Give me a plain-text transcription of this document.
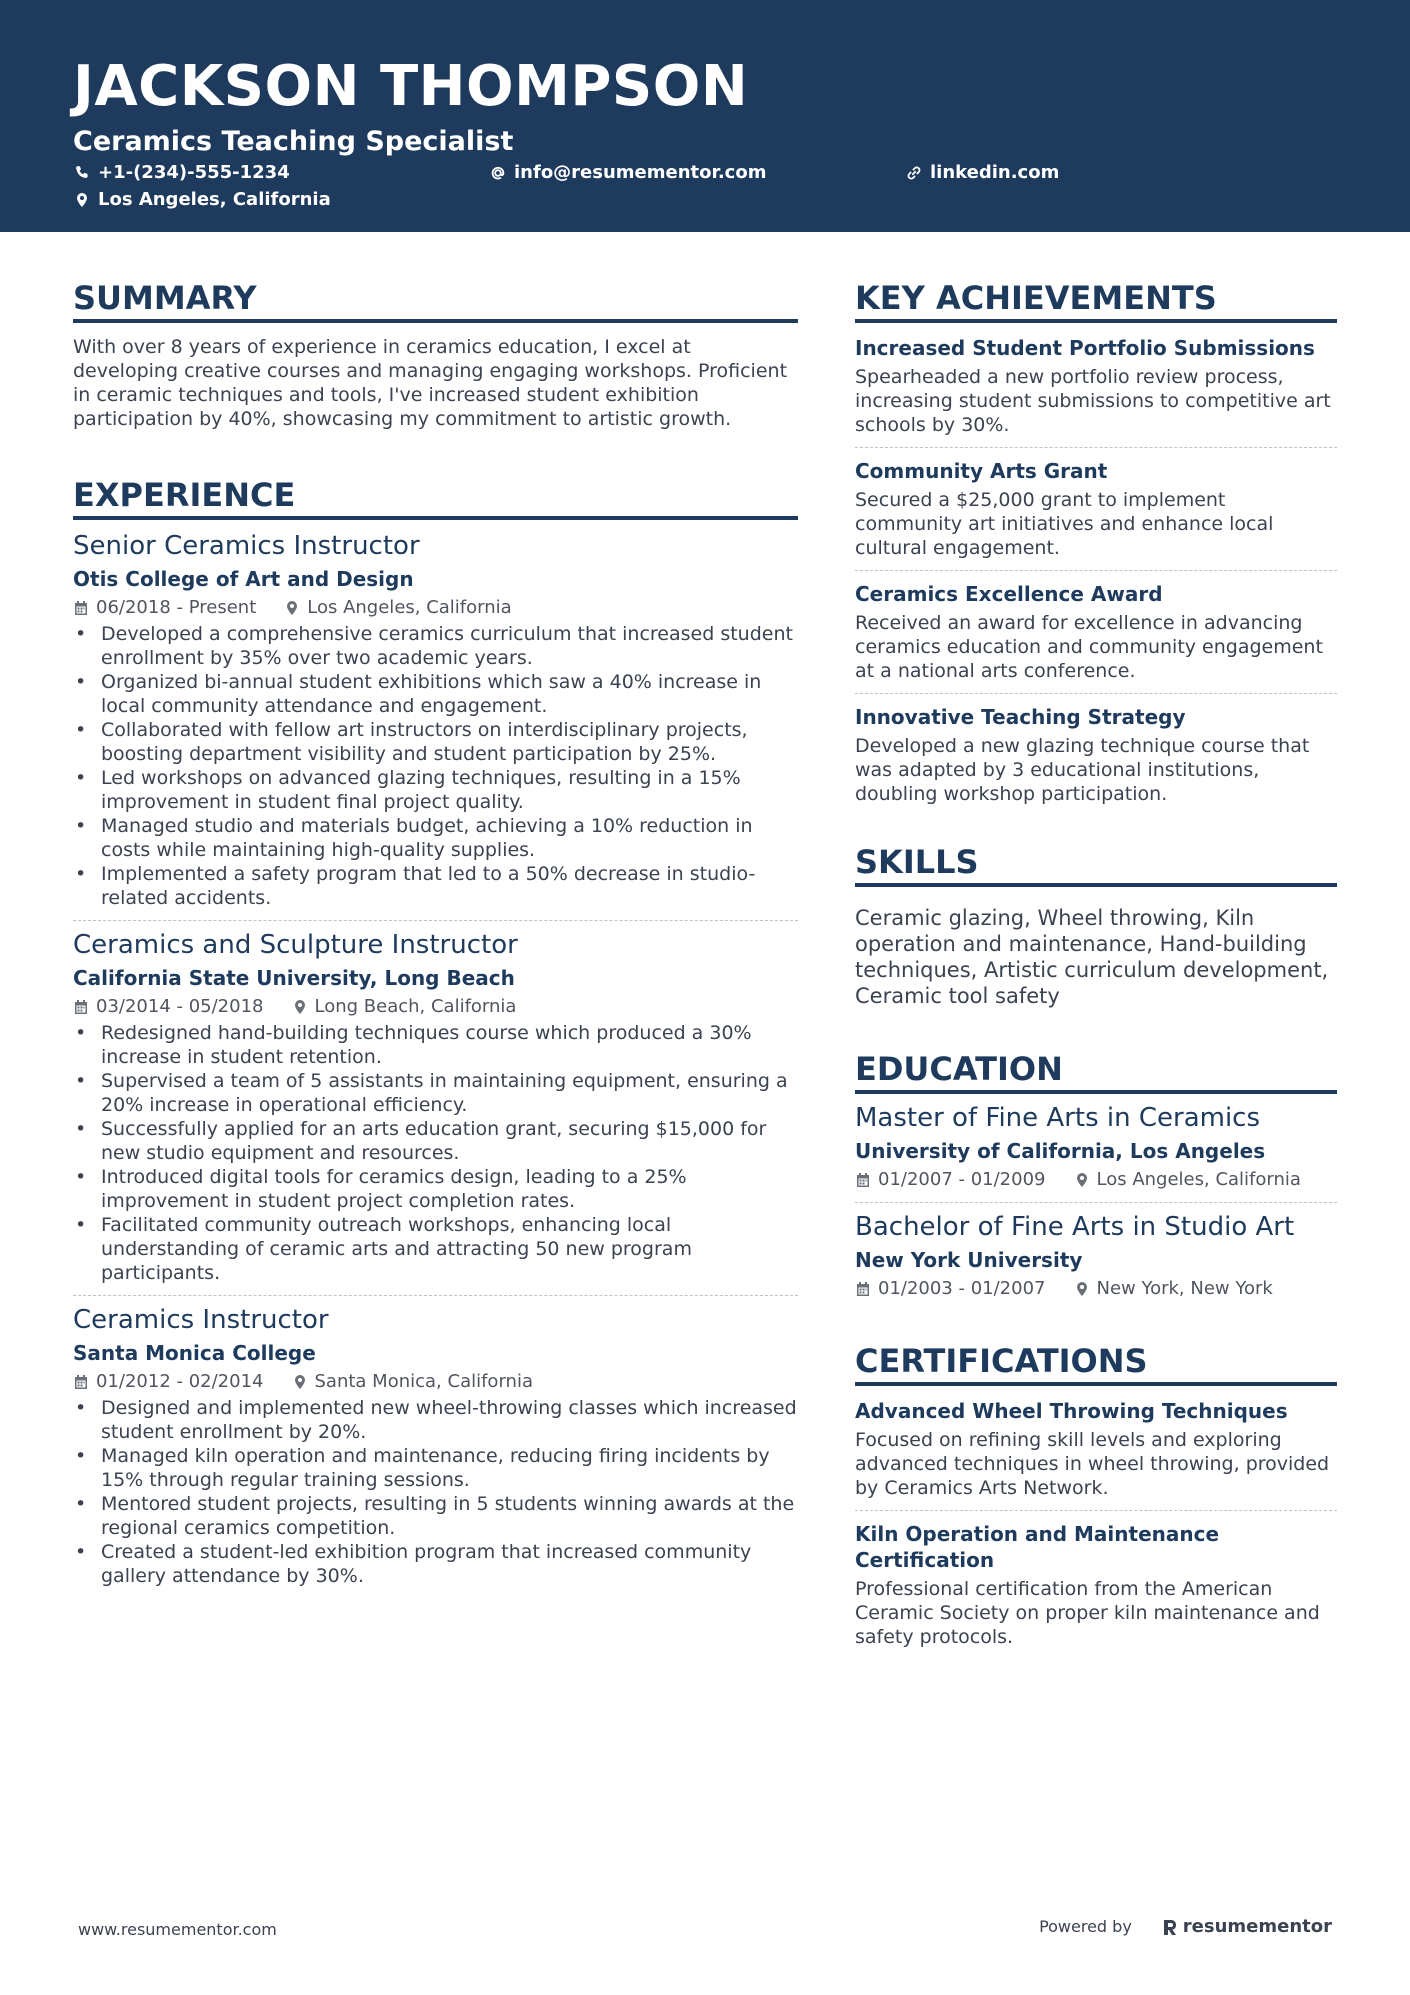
JACKSON THOMPSON
Ceramics Teaching Specialist
+1-(234)-555-1234	info@resumementor.com	linkedin.com
Los Angeles, California
SUMMARY
With over 8 years of experience in ceramics education, I excel at developing creative courses and managing engaging workshops. Proficient in ceramic techniques and tools, I've increased student exhibition participation by 40%, showcasing my commitment to artistic growth.
EXPERIENCE
Senior Ceramics Instructor
Otis College of Art and Design
06/2018 - Present	Los Angeles, California
• Developed a comprehensive ceramics curriculum that increased student enrollment by 35% over two academic years.
• Organized bi-annual student exhibitions which saw a 40% increase in local community attendance and engagement.
• Collaborated with fellow art instructors on interdisciplinary projects, boosting department visibility and student participation by 25%.
• Led workshops on advanced glazing techniques, resulting in a 15% improvement in student final project quality.
• Managed studio and materials budget, achieving a 10% reduction in costs while maintaining high-quality supplies.
• Implemented a safety program that led to a 50% decrease in studio-related accidents.
Ceramics and Sculpture Instructor
California State University, Long Beach
03/2014 - 05/2018	Long Beach, California
• Redesigned hand-building techniques course which produced a 30% increase in student retention.
• Supervised a team of 5 assistants in maintaining equipment, ensuring a 20% increase in operational efficiency.
• Successfully applied for an arts education grant, securing $15,000 for new studio equipment and resources.
• Introduced digital tools for ceramics design, leading to a 25% improvement in student project completion rates.
• Facilitated community outreach workshops, enhancing local understanding of ceramic arts and attracting 50 new program participants.
Ceramics Instructor
Santa Monica College
01/2012 - 02/2014	Santa Monica, California
• Designed and implemented new wheel-throwing classes which increased student enrollment by 20%.
• Managed kiln operation and maintenance, reducing firing incidents by 15% through regular training sessions.
• Mentored student projects, resulting in 5 students winning awards at the regional ceramics competition.
• Created a student-led exhibition program that increased community gallery attendance by 30%.
KEY ACHIEVEMENTS
Increased Student Portfolio Submissions
Spearheaded a new portfolio review process, increasing student submissions to competitive art schools by 30%.
Community Arts Grant
Secured a $25,000 grant to implement community art initiatives and enhance local cultural engagement.
Ceramics Excellence Award
Received an award for excellence in advancing ceramics education and community engagement at a national arts conference.
Innovative Teaching Strategy
Developed a new glazing technique course that was adapted by 3 educational institutions, doubling workshop participation.
SKILLS
Ceramic glazing, Wheel throwing, Kiln operation and maintenance, Hand-building techniques, Artistic curriculum development, Ceramic tool safety
EDUCATION
Master of Fine Arts in Ceramics
University of California, Los Angeles
01/2007 - 01/2009	Los Angeles, California
Bachelor of Fine Arts in Studio Art
New York University
01/2003 - 01/2007	New York, New York
CERTIFICATIONS
Advanced Wheel Throwing Techniques
Focused on refining skill levels and exploring advanced techniques in wheel throwing, provided by Ceramics Arts Network.
Kiln Operation and Maintenance Certification
Professional certification from the American Ceramic Society on proper kiln maintenance and safety protocols.
www.resumementor.com	Powered by	resumementor
